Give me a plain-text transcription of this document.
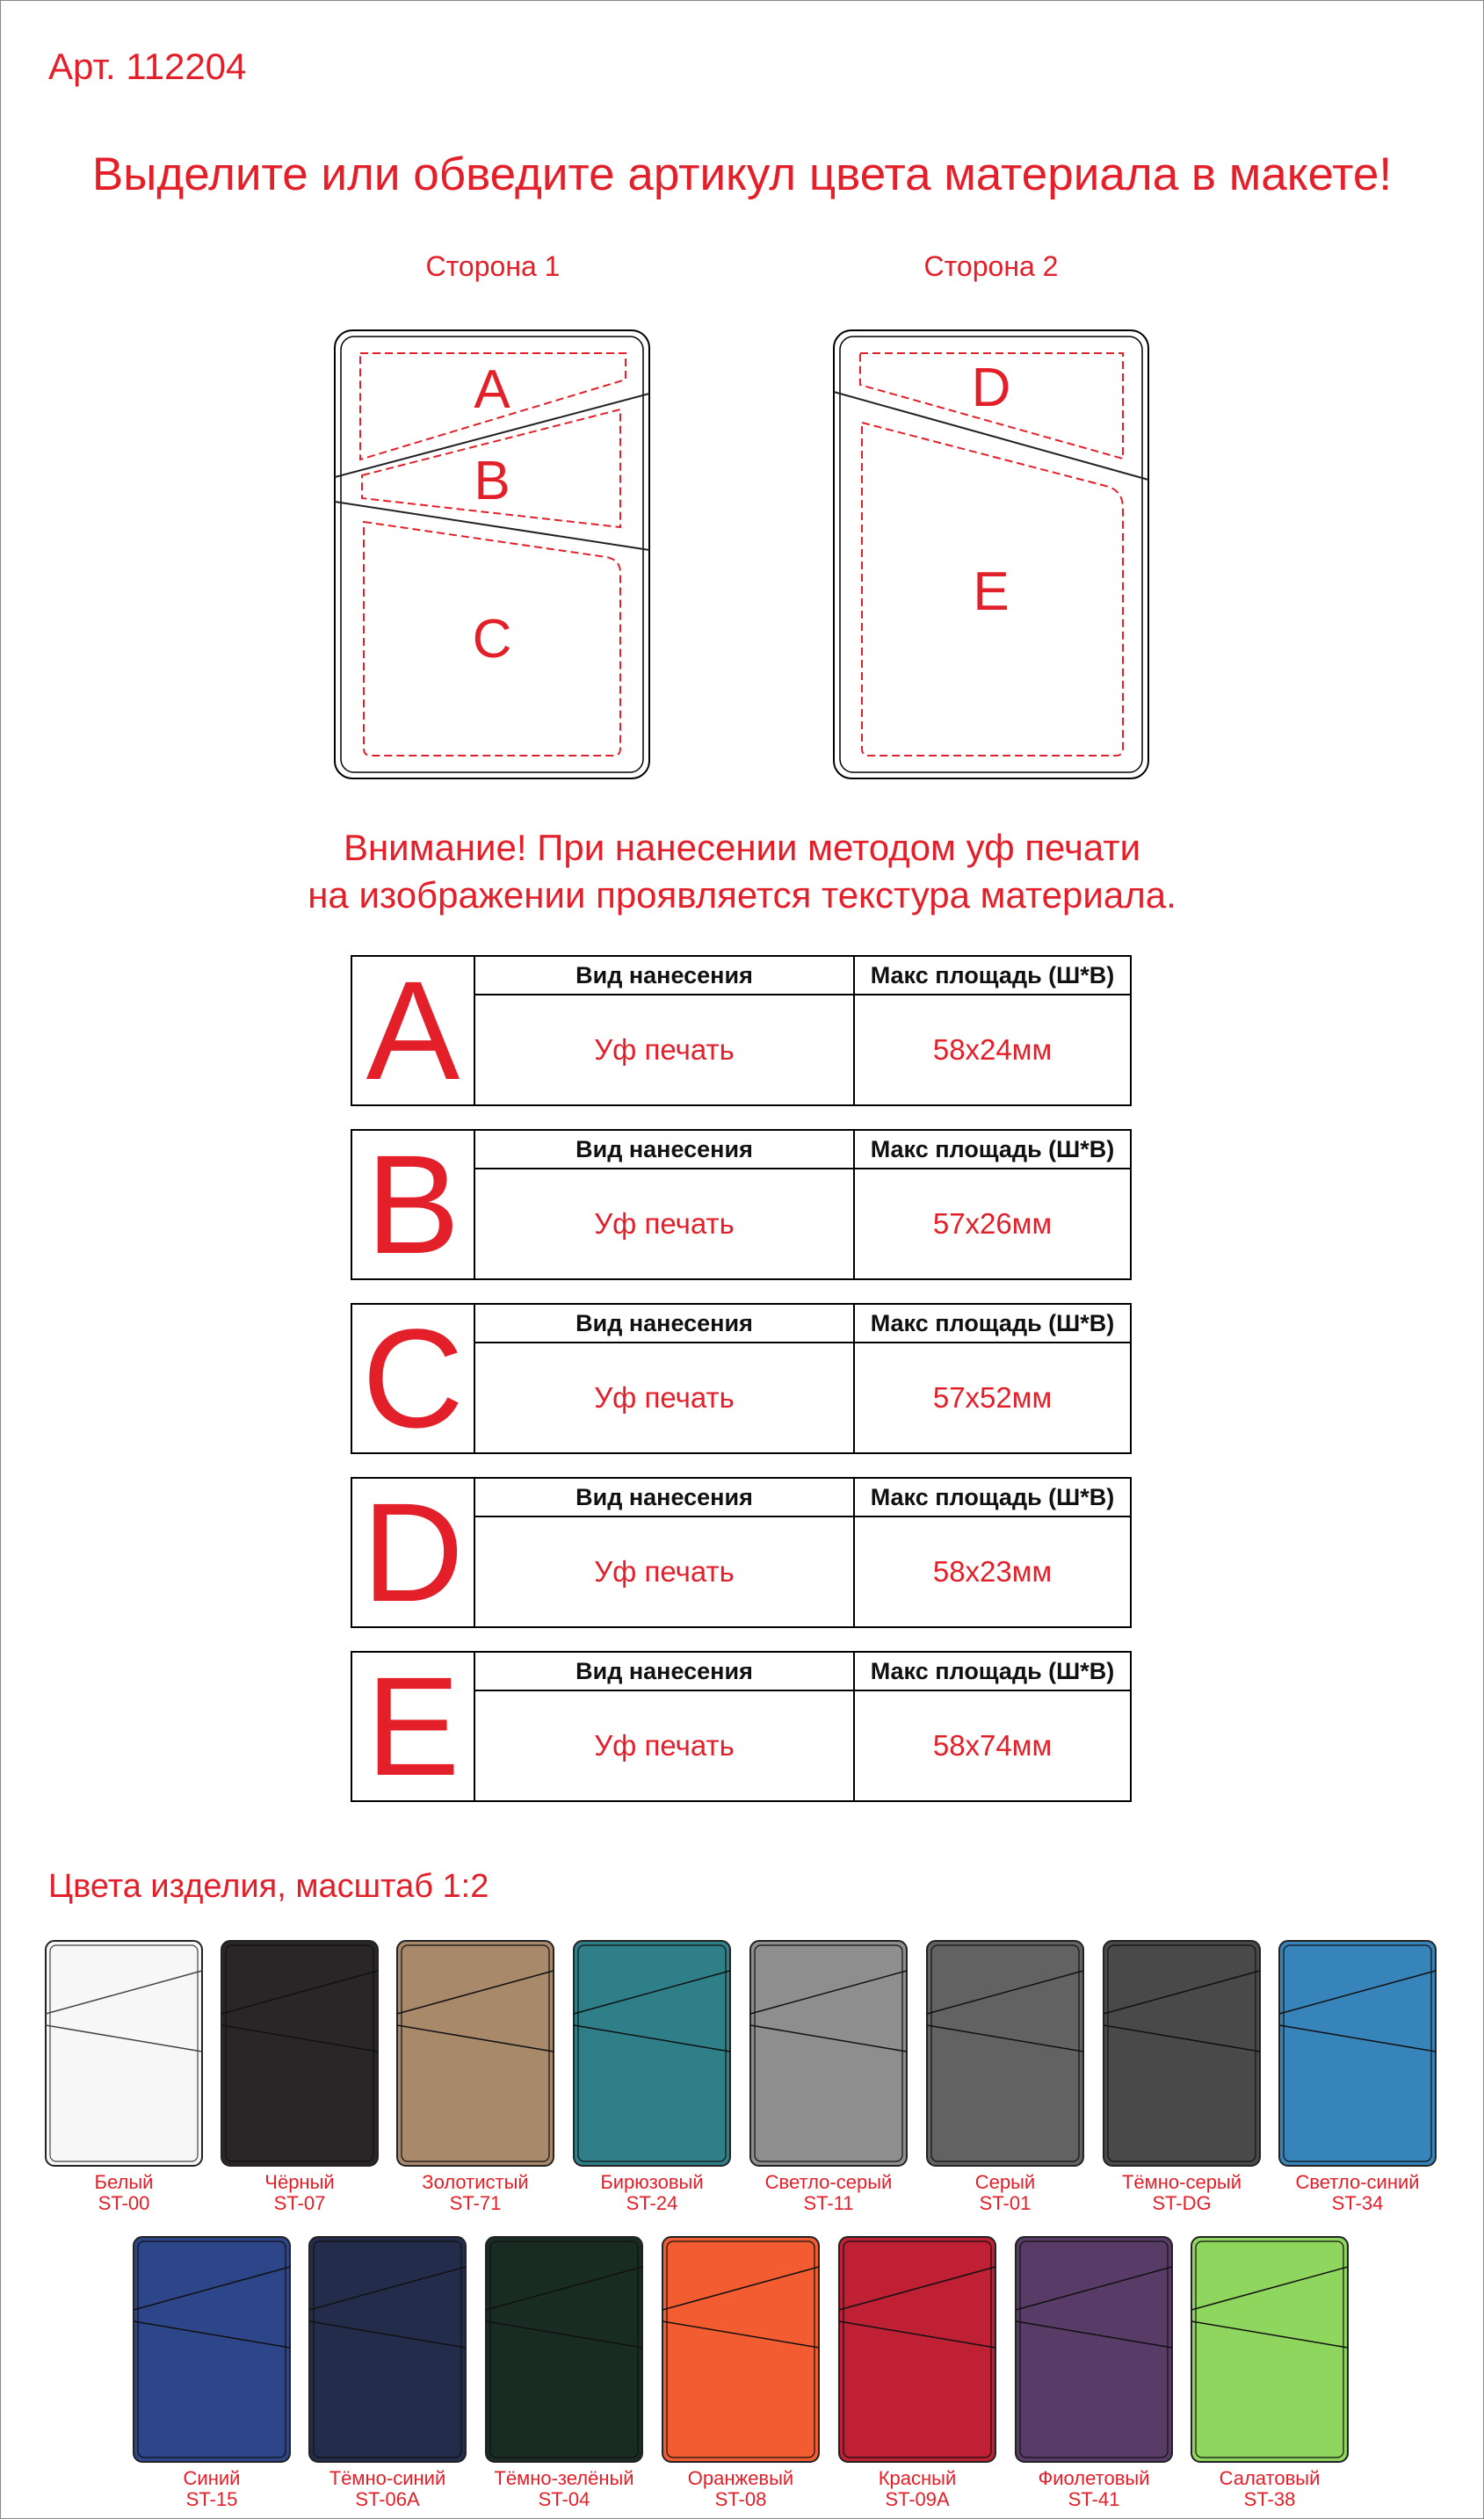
Арт. 112204
Выделите или обведите артикул цвета материала в макете!
Сторона 1	Сторона 2
A
B
C
D
E
Внимание! При нанесении методом уф печати
на изображении проявляется текстура материала.
A	Вид нанесения	Макс площадь (Ш*В)
Уф печать	58х24мм
B	Вид нанесения	Макс площадь (Ш*В)
Уф печать	57х26мм
C	Вид нанесения	Макс площадь (Ш*В)
Уф печать	57х52мм
D	Вид нанесения	Макс площадь (Ш*В)
Уф печать	58х23мм
E	Вид нанесения	Макс площадь (Ш*В)
Уф печать	58х74мм
Цвета изделия, масштаб 1:2
Белый
ST-00
Чёрный
ST-07
Золотистый
ST-71
Бирюзовый
ST-24
Светло-серый
ST-11
Серый
ST-01
Тёмно-серый
ST-DG
Светло-синий
ST-34
Синий
ST-15
Тёмно-синий
ST-06A
Тёмно-зелёный
ST-04
Оранжевый
ST-08
Красный
ST-09A
Фиолетовый
ST-41
Салатовый
ST-38
